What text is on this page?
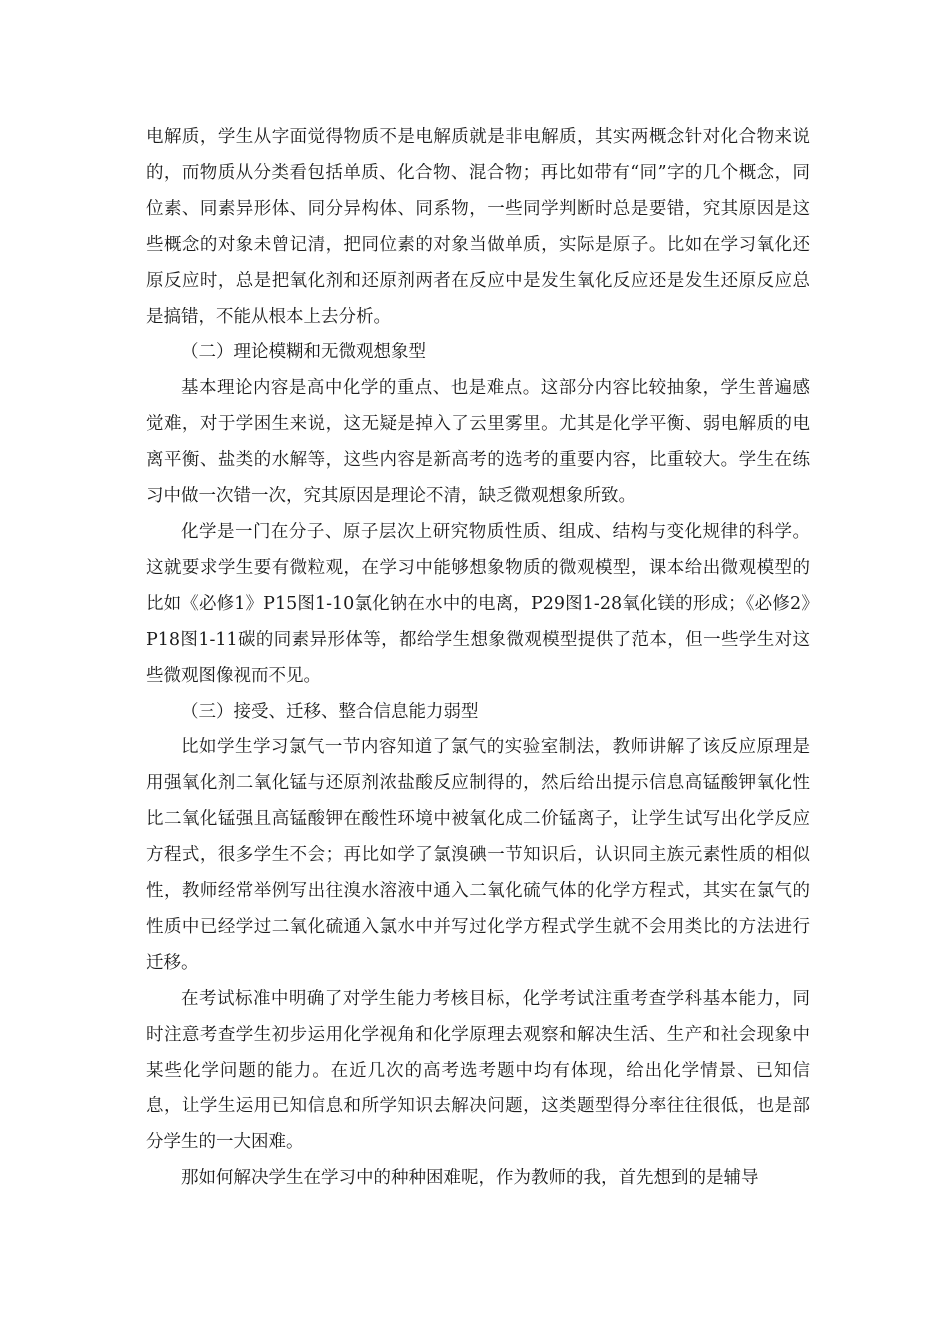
电解质，学生从字面觉得物质不是电解质就是非电解质，其实两概念针对化合物来说的，而物质从分类看包括单质、化合物、混合物；再比如带有“同”字的几个概念，同位素、同素异形体、同分异构体、同系物，一些同学判断时总是要错，究其原因是这些概念的对象未曾记清，把同位素的对象当做单质，实际是原子。比如在学习氧化还原反应时，总是把氧化剂和还原剂两者在反应中是发生氧化反应还是发生还原反应总是搞错，不能从根本上去分析。

（二）理论模糊和无微观想象型

基本理论内容是高中化学的重点、也是难点。这部分内容比较抽象，学生普遍感觉难，对于学困生来说，这无疑是掉入了云里雾里。尤其是化学平衡、弱电解质的电离平衡、盐类的水解等，这些内容是新高考的选考的重要内容，比重较大。学生在练习中做一次错一次，究其原因是理论不清，缺乏微观想象所致。

化学是一门在分子、原子层次上研究物质性质、组成、结构与变化规律的科学。这就要求学生要有微粒观，在学习中能够想象物质的微观模型，课本给出微观模型的比如《必修1》P15图1-10氯化钠在水中的电离，P29图1-28氧化镁的形成；《必修2》P18图1-11碳的同素异形体等，都给学生想象微观模型提供了范本，但一些学生对这些微观图像视而不见。

（三）接受、迁移、整合信息能力弱型

比如学生学习氯气一节内容知道了氯气的实验室制法，教师讲解了该反应原理是用强氧化剂二氧化锰与还原剂浓盐酸反应制得的，然后给出提示信息高锰酸钾氧化性比二氧化锰强且高锰酸钾在酸性环境中被氧化成二价锰离子，让学生试写出化学反应方程式，很多学生不会；再比如学了氯溴碘一节知识后，认识同主族元素性质的相似性，教师经常举例写出往溴水溶液中通入二氧化硫气体的化学方程式，其实在氯气的性质中已经学过二氧化硫通入氯水中并写过化学方程式学生就不会用类比的方法进行迁移。

在考试标准中明确了对学生能力考核目标，化学考试注重考查学科基本能力，同时注意考查学生初步运用化学视角和化学原理去观察和解决生活、生产和社会现象中某些化学问题的能力。在近几次的高考选考题中均有体现，给出化学情景、已知信息，让学生运用已知信息和所学知识去解决问题，这类题型得分率往往很低，也是部分学生的一大困难。

那如何解决学生在学习中的种种困难呢，作为教师的我，首先想到的是辅导
